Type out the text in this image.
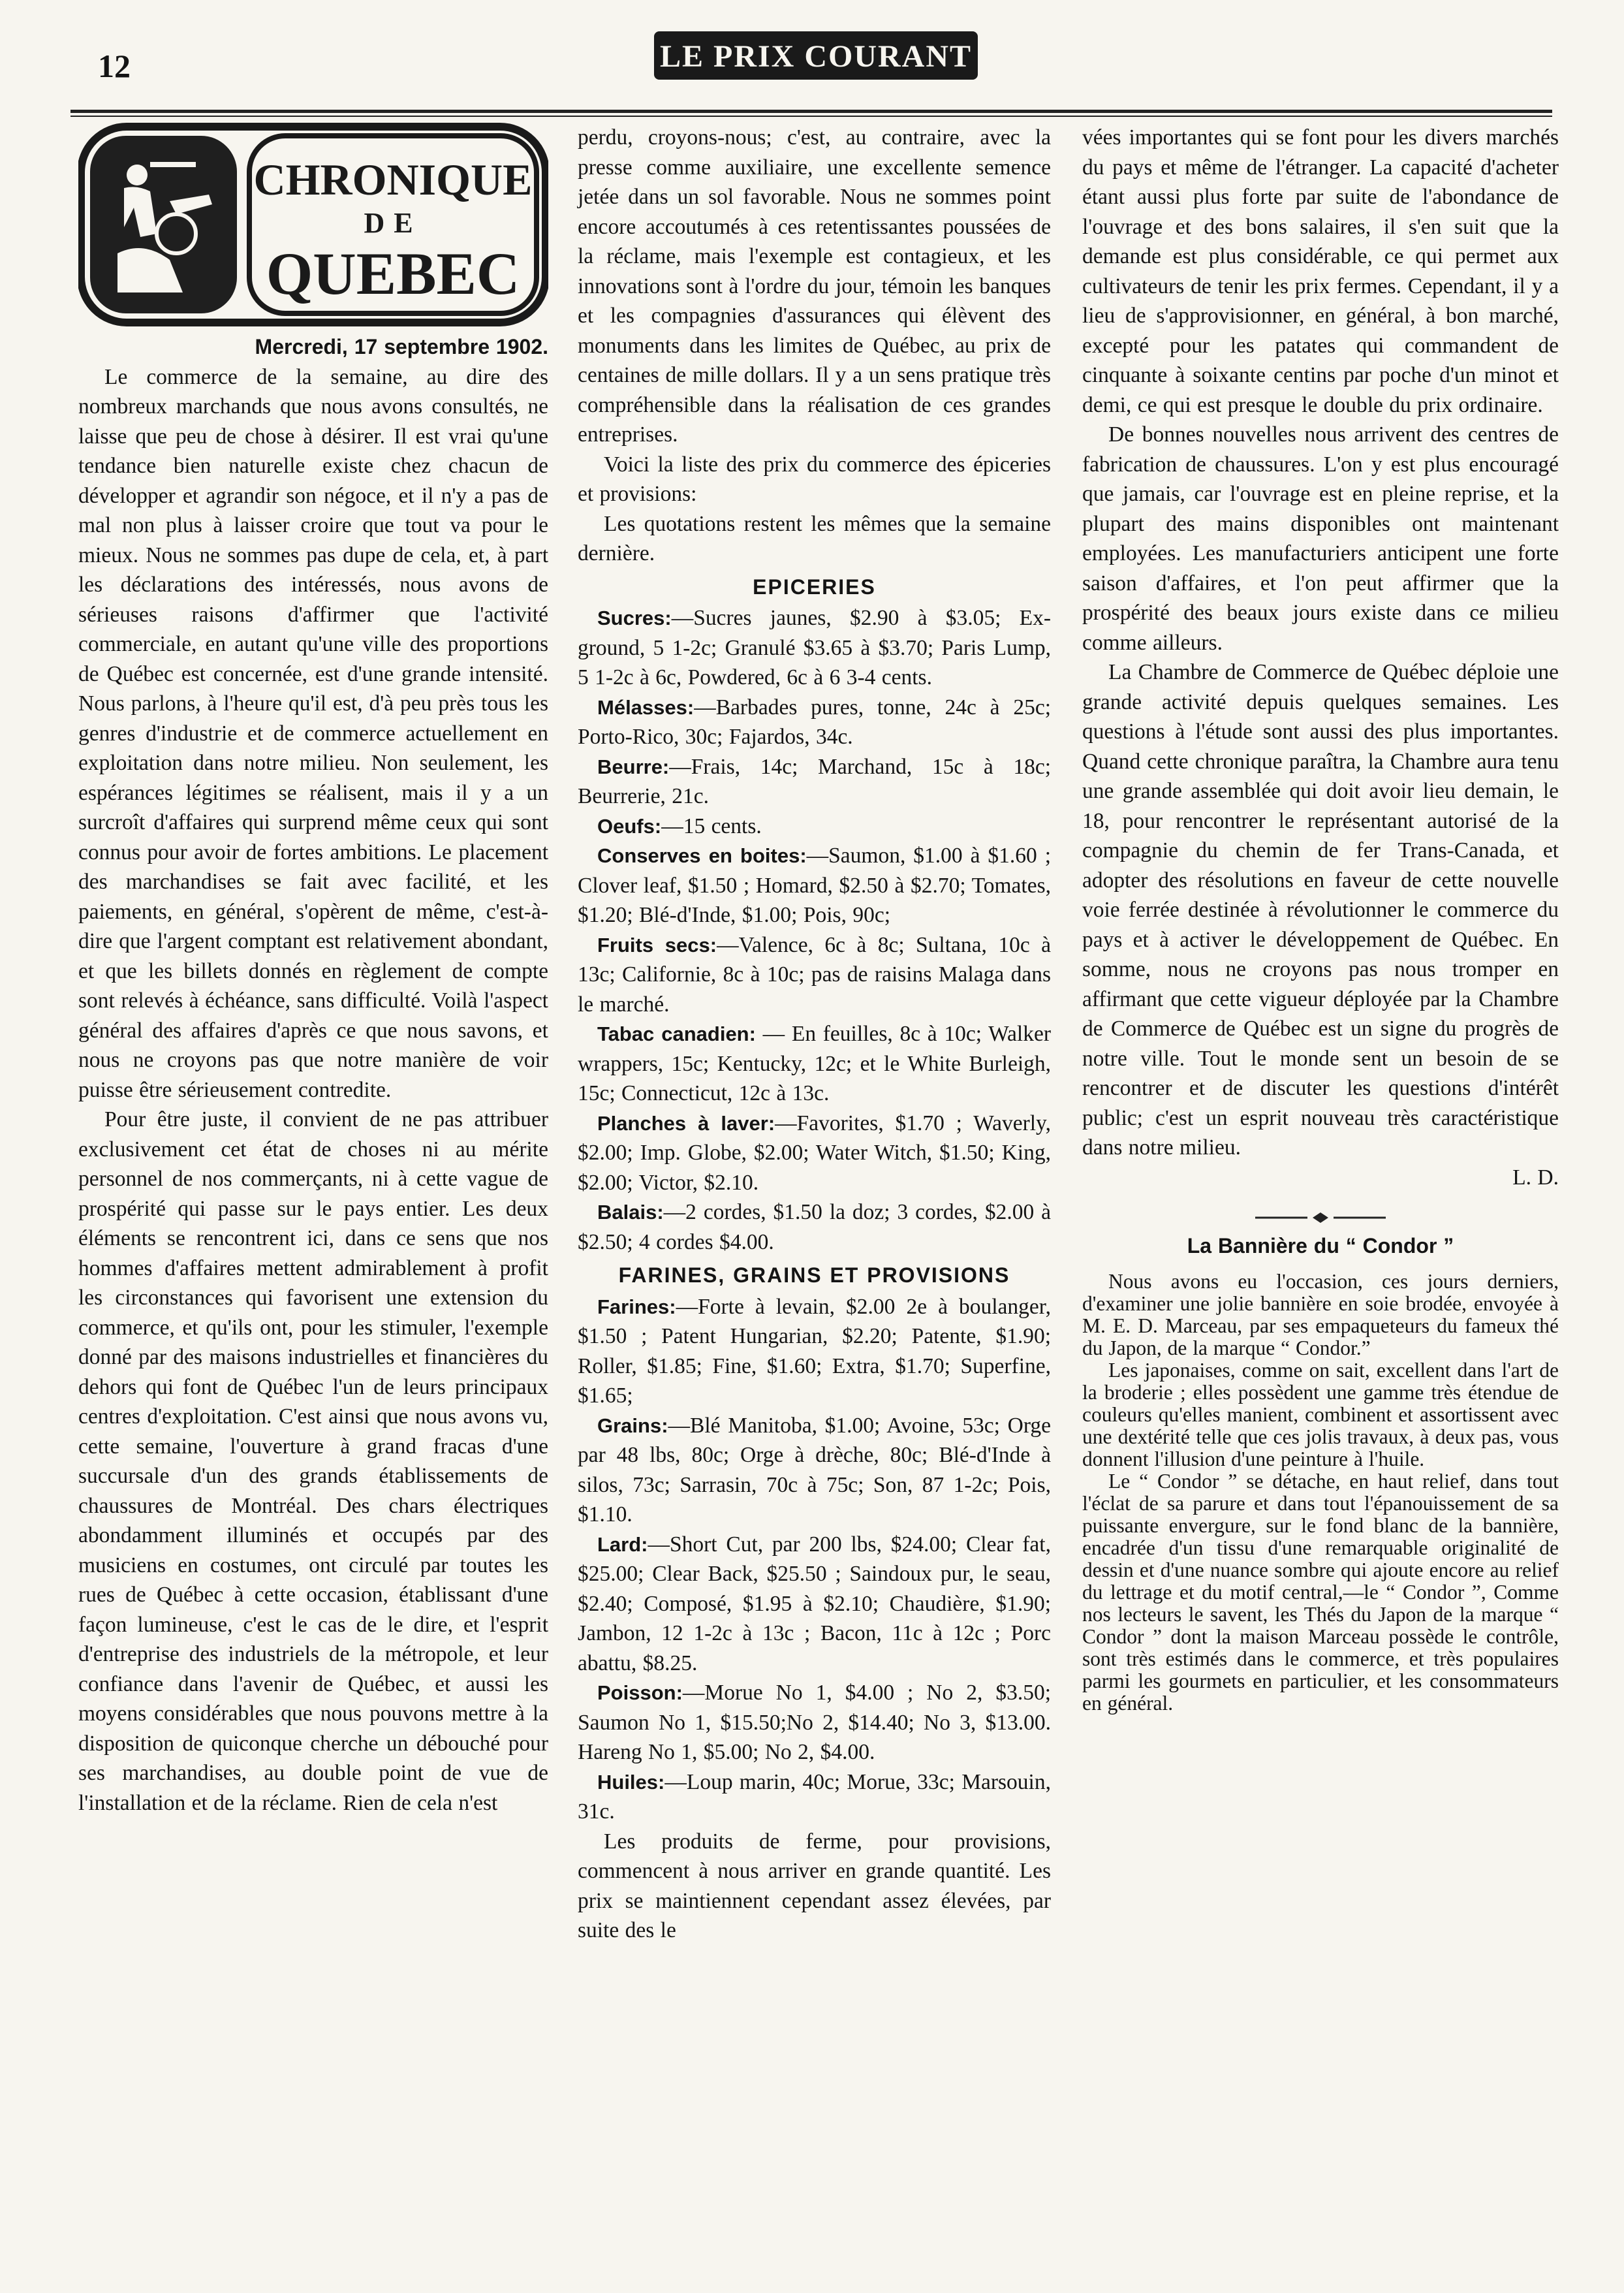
12	LE PRIX COURANT
CHRONIQUE
DE
QUEBEC

Mercredi, 17 septembre 1902.

Le commerce de la semaine, au dire des nombreux marchands que nous avons consultés, ne laisse que peu de chose à désirer. Il est vrai qu'une tendance bien naturelle existe chez chacun de développer et agrandir son négoce, et il n'y a pas de mal non plus à laisser croire que tout va pour le mieux. Nous ne sommes pas dupe de cela, et, à part les déclarations des intéressés, nous avons de sérieuses raisons d'affirmer que l'activité commerciale, en autant qu'une ville des proportions de Québec est concernée, est d'une grande intensité. Nous parlons, à l'heure qu'il est, d'à peu près tous les genres d'industrie et de commerce actuellement en exploitation dans notre milieu. Non seulement, les espérances légitimes se réalisent, mais il y a un surcroît d'affaires qui surprend même ceux qui sont connus pour avoir de fortes ambitions. Le placement des marchandises se fait avec facilité, et les paiements, en général, s'opèrent de même, c'est-à-dire que l'argent comptant est relativement abondant, et que les billets donnés en règlement de compte sont relevés à échéance, sans difficulté. Voilà l'aspect général des affaires d'après ce que nous savons, et nous ne croyons pas que notre manière de voir puisse être sérieusement contredite.

Pour être juste, il convient de ne pas attribuer exclusivement cet état de choses ni au mérite personnel de nos commerçants, ni à cette vague de prospérité qui passe sur le pays entier. Les deux éléments se rencontrent ici, dans ce sens que nos hommes d'affaires mettent admirablement à profit les circonstances qui favorisent une extension du commerce, et qu'ils ont, pour les stimuler, l'exemple donné par des maisons industrielles et financières du dehors qui font de Québec l'un de leurs principaux centres d'exploitation. C'est ainsi que nous avons vu, cette semaine, l'ouverture à grand fracas d'une succursale d'un des grands établissements de chaussures de Montréal. Des chars électriques abondamment illuminés et occupés par des musiciens en costumes, ont circulé par toutes les rues de Québec à cette occasion, établissant d'une façon lumineuse, c'est le cas de le dire, et l'esprit d'entreprise des industriels de la métropole, et leur confiance dans l'avenir de Québec, et aussi les moyens considérables que nous pouvons mettre à la disposition de quiconque cherche un débouché pour ses marchandises, au double point de vue de l'installation et de la réclame. Rien de cela n'est

perdu, croyons-nous; c'est, au contraire, avec la presse comme auxiliaire, une excellente semence jetée dans un sol favorable. Nous ne sommes point encore accoutumés à ces retentissantes poussées de la réclame, mais l'exemple est contagieux, et les innovations sont à l'ordre du jour, témoin les banques et les compagnies d'assurances qui élèvent des monuments dans les limites de Québec, au prix de centaines de mille dollars. Il y a un sens pratique très compréhensible dans la réalisation de ces grandes entreprises.

Voici la liste des prix du commerce des épiceries et provisions:

Les quotations restent les mêmes que la semaine dernière.

EPICERIES

Sucres:—Sucres jaunes, $2.90 à $3.05; Ex-ground, 5 1-2c; Granulé $3.65 à $3.70; Paris Lump, 5 1-2c à 6c, Powdered, 6c à 6 3-4 cents.

Mélasses:—Barbades pures, tonne, 24c à 25c; Porto-Rico, 30c; Fajardos, 34c.

Beurre:—Frais, 14c; Marchand, 15c à 18c; Beurrerie, 21c.

Oeufs:—15 cents.

Conserves en boites:—Saumon, $1.00 à $1.60 ; Clover leaf, $1.50 ; Homard, $2.50 à $2.70; Tomates, $1.20; Blé-d'Inde, $1.00; Pois, 90c;

Fruits secs:—Valence, 6c à 8c; Sultana, 10c à 13c; Californie, 8c à 10c; pas de raisins Malaga dans le marché.

Tabac canadien: — En feuilles, 8c à 10c; Walker wrappers, 15c; Kentucky, 12c; et le White Burleigh, 15c; Connecticut, 12c à 13c.

Planches à laver:—Favorites, $1.70 ; Waverly, $2.00; Imp. Globe, $2.00; Water Witch, $1.50; King, $2.00; Victor, $2.10.

Balais:—2 cordes, $1.50 la doz; 3 cordes, $2.00 à $2.50; 4 cordes $4.00.

FARINES, GRAINS ET PROVISIONS

Farines:—Forte à levain, $2.00 2e à boulanger, $1.50 ; Patent Hungarian, $2.20; Patente, $1.90; Roller, $1.85; Fine, $1.60; Extra, $1.70; Superfine, $1.65;

Grains:—Blé Manitoba, $1.00; Avoine, 53c; Orge par 48 lbs, 80c; Orge à drèche, 80c; Blé-d'Inde à silos, 73c; Sarrasin, 70c à 75c; Son, 87 1-2c; Pois, $1.10.

Lard:—Short Cut, par 200 lbs, $24.00; Clear fat, $25.00; Clear Back, $25.50 ; Saindoux pur, le seau, $2.40; Composé, $1.95 à $2.10; Chaudière, $1.90; Jambon, 12 1-2c à 13c ; Bacon, 11c à 12c ; Porc abattu, $8.25.

Poisson:—Morue No 1, $4.00 ; No 2, $3.50; Saumon No 1, $15.50;No 2, $14.40; No 3, $13.00. Hareng No 1, $5.00; No 2, $4.00.

Huiles:—Loup marin, 40c; Morue, 33c; Marsouin, 31c.

Les produits de ferme, pour provisions, commencent à nous arriver en grande quantité. Les prix se maintiennent cependant assez élevées, par suite des le

vées importantes qui se font pour les divers marchés du pays et même de l'étranger. La capacité d'acheter étant aussi plus forte par suite de l'abondance de l'ouvrage et des bons salaires, il s'en suit que la demande est plus considérable, ce qui permet aux cultivateurs de tenir les prix fermes. Cependant, il y a lieu de s'approvisionner, en général, à bon marché, excepté pour les patates qui commandent de cinquante à soixante centins par poche d'un minot et demi, ce qui est presque le double du prix ordinaire.

De bonnes nouvelles nous arrivent des centres de fabrication de chaussures. L'on y est plus encouragé que jamais, car l'ouvrage est en pleine reprise, et la plupart des mains disponibles ont maintenant employées. Les manufacturiers anticipent une forte saison d'affaires, et l'on peut affirmer que la prospérité des beaux jours existe dans ce milieu comme ailleurs.

La Chambre de Commerce de Québec déploie une grande activité depuis quelques semaines. Les questions à l'étude sont aussi des plus importantes. Quand cette chronique paraîtra, la Chambre aura tenu une grande assemblée qui doit avoir lieu demain, le 18, pour rencontrer le représentant autorisé de la compagnie du chemin de fer Trans-Canada, et adopter des résolutions en faveur de cette nouvelle voie ferrée destinée à révolutionner le commerce du pays et à activer le développement de Québec. En somme, nous ne croyons pas nous tromper en affirmant que cette vigueur déployée par la Chambre de Commerce de Québec est un signe du progrès de notre ville. Tout le monde sent un besoin de se rencontrer et de discuter les questions d'intérêt public; c'est un esprit nouveau très caractéristique dans notre milieu.

L. D.
La Bannière du “ Condor ”

Nous avons eu l'occasion, ces jours derniers, d'examiner une jolie bannière en soie brodée, envoyée à M. E. D. Marceau, par ses empaqueteurs du fameux thé du Japon, de la marque “ Condor.”

Les japonaises, comme on sait, excellent dans l'art de la broderie ; elles possèdent une gamme très étendue de couleurs qu'elles manient, combinent et assortissent avec une dextérité telle que ces jolis travaux, à deux pas, vous donnent l'illusion d'une peinture à l'huile.

Le “ Condor ” se détache, en haut relief, dans tout l'éclat de sa parure et dans tout l'épanouissement de sa puissante envergure, sur le fond blanc de la bannière, encadrée d'un tissu d'une remarquable originalité de dessin et d'une nuance sombre qui ajoute encore au relief du lettrage et du motif central,—le “ Condor ”, Comme nos lecteurs le savent, les Thés du Japon de la marque “ Condor ” dont la maison Marceau possède le contrôle, sont très estimés dans le commerce, et très populaires parmi les gourmets en particulier, et les consommateurs en général.
